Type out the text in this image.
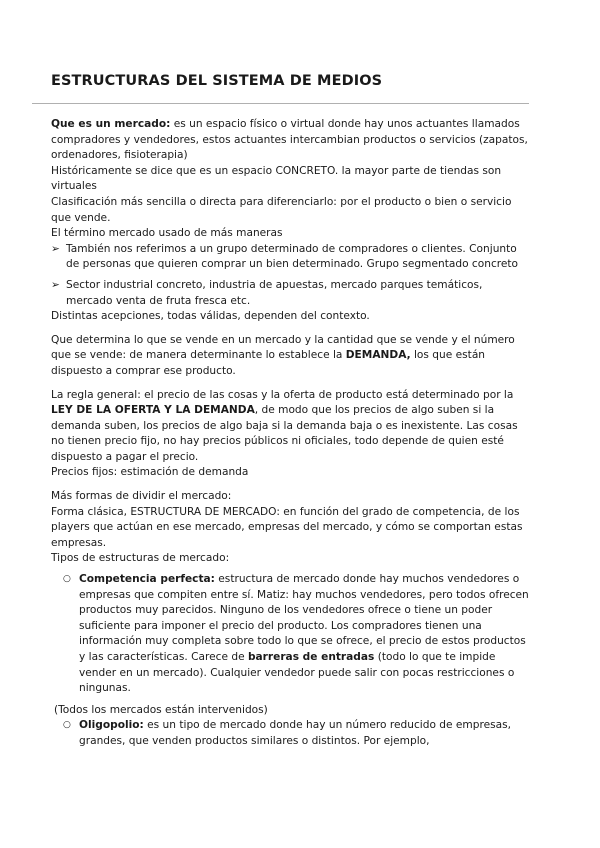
ESTRUCTURAS DEL SISTEMA DE MEDIOS

Que es un mercado: es un espacio físico o virtual donde hay unos actuantes llamados compradores y vendedores, estos actuantes intercambian productos o servicios (zapatos, ordenadores, fisioterapia)

Históricamente se dice que es un espacio CONCRETO. la mayor parte de tiendas son virtuales

Clasificación más sencilla o directa para diferenciarlo: por el producto o bien o servicio que vende.

El término mercado usado de más maneras

➢ También nos referimos a un grupo determinado de compradores o clientes. Conjunto de personas que quieren comprar un bien determinado. Grupo segmentado concreto
➢ Sector industrial concreto, industria de apuestas, mercado parques temáticos, mercado venta de fruta fresca etc.

Distintas acepciones, todas válidas, dependen del contexto.

Que determina lo que se vende en un mercado y la cantidad que se vende y el número que se vende: de manera determinante lo establece la DEMANDA, los que están dispuesto a comprar ese producto.

La regla general: el precio de las cosas y la oferta de producto está determinado por la LEY DE LA OFERTA Y LA DEMANDA, de modo que los precios de algo suben si la demanda suben, los precios de algo baja si la demanda baja o es inexistente. Las cosas no tienen precio fijo, no hay precios públicos ni oficiales, todo depende de quien esté dispuesto a pagar el precio.

Precios fijos: estimación de demanda

Más formas de dividir el mercado:

Forma clásica, ESTRUCTURA DE MERCADO: en función del grado de competencia, de los players que actúan en ese mercado, empresas del mercado, y cómo se comportan estas empresas.

Tipos de estructuras de mercado:

○ Competencia perfecta: estructura de mercado donde hay muchos vendedores o empresas que compiten entre sí. Matiz: hay muchos vendedores, pero todos ofrecen productos muy parecidos. Ninguno de los vendedores ofrece o tiene un poder suficiente para imponer el precio del producto. Los compradores tienen una información muy completa sobre todo lo que se ofrece, el precio de estos productos y las características. Carece de barreras de entradas (todo lo que te impide vender en un mercado). Cualquier vendedor puede salir con pocas restricciones o ningunas.

(Todos los mercados están intervenidos)

○ Oligopolio: es un tipo de mercado donde hay un número reducido de empresas, grandes, que venden productos similares o distintos. Por ejemplo,
